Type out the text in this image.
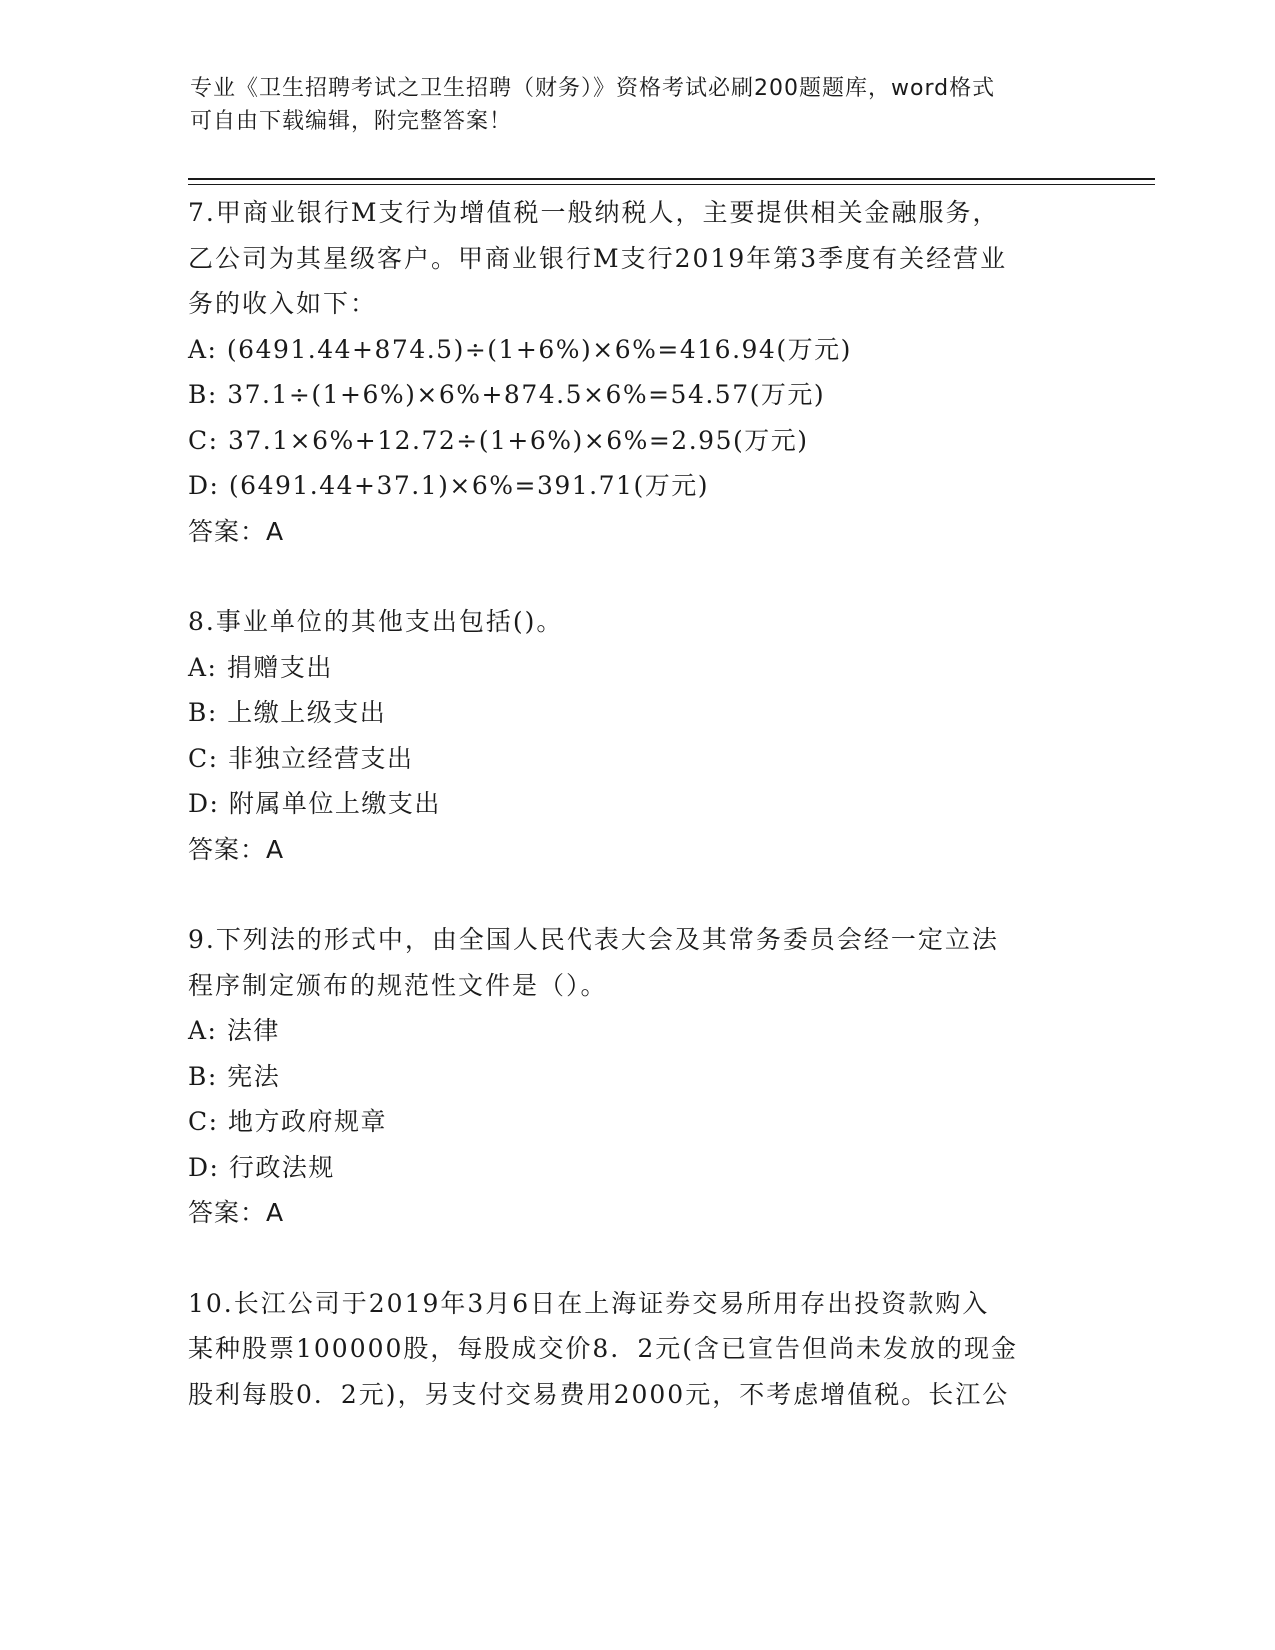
专业《卫生招聘考试之卫生招聘（财务）》资格考试必刷200题题库，word格式
可自由下载编辑，附完整答案！

7.甲商业银行M支行为增值税一般纳税人，主要提供相关金融服务，

乙公司为其星级客户。甲商业银行M支行2019年第3季度有关经营业

务的收入如下：

A: (6491.44+874.5)÷(1+6%)×6%=416.94(万元)

B: 37.1÷(1+6%)×6%+874.5×6%=54.57(万元)

C: 37.1×6%+12.72÷(1+6%)×6%=2.95(万元)

D: (6491.44+37.1)×6%=391.71(万元)

答案：A

8.事业单位的其他支出包括()。

A: 捐赠支出

B: 上缴上级支出

C: 非独立经营支出

D: 附属单位上缴支出

答案：A

9.下列法的形式中，由全国人民代表大会及其常务委员会经一定立法

程序制定颁布的规范性文件是（）。

A: 法律

B: 宪法

C: 地方政府规章

D: 行政法规

答案：A

10.长江公司于2019年3月6日在上海证券交易所用存出投资款购入

某种股票100000股，每股成交价8．2元(含已宣告但尚未发放的现金

股利每股0．2元)，另支付交易费用2000元，不考虑增值税。长江公
